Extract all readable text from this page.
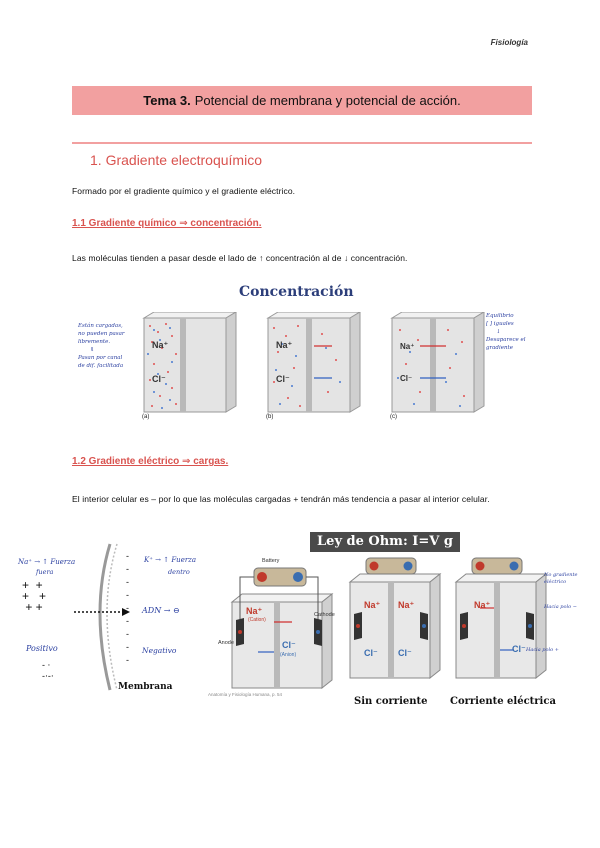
Fisiología
Tema 3. Potencial de membrana y potencial de acción.
1. Gradiente electroquímico
Formado por el gradiente químico y el gradiente eléctrico.
1.1 Gradiente químico ⇒ concentración.
Las moléculas tienden a pasar desde el lado de ↑ concentración al de ↓ concentración.
Concentración
Na⁺
Cl⁻
(a)
Na⁺
Cl⁻
(b)
Na⁺
Cl⁻
(c)
Están cargadas,
no pueden pasar
libremente.
⇓
Pasan por canal
de dif. facilitada
Equilibrio
[ ] iguales
↓
Desaparece el
gradiente
1.2 Gradiente eléctrico ⇒ cargas.
El interior celular es – por lo que las moléculas cargadas + tendrán más tendencia a pasar al interior celular.
Na⁺ → ↑ Fuerza
fuera
+  +
+   +
+ +
Positivo
- ‧
-‧-‧
-
-
-
-
-
-
-
-
-
Membrana
K⁺ → ↑ Fuerza
dentro
ADN → ⊖
Negativo
Ley de Ohm: I=V g
Battery
Cathode
Anode
Na⁺
(Cation)
Cl⁻
(Anion)
Anatomía y Fisiología Humana, p. 54
Na⁺ Na⁺
Cl⁻ Cl⁻
Sin corriente
Na⁺
Cl⁻
No gradiente
eléctrico
Hacia polo −
Hacia polo +
Corriente eléctrica
